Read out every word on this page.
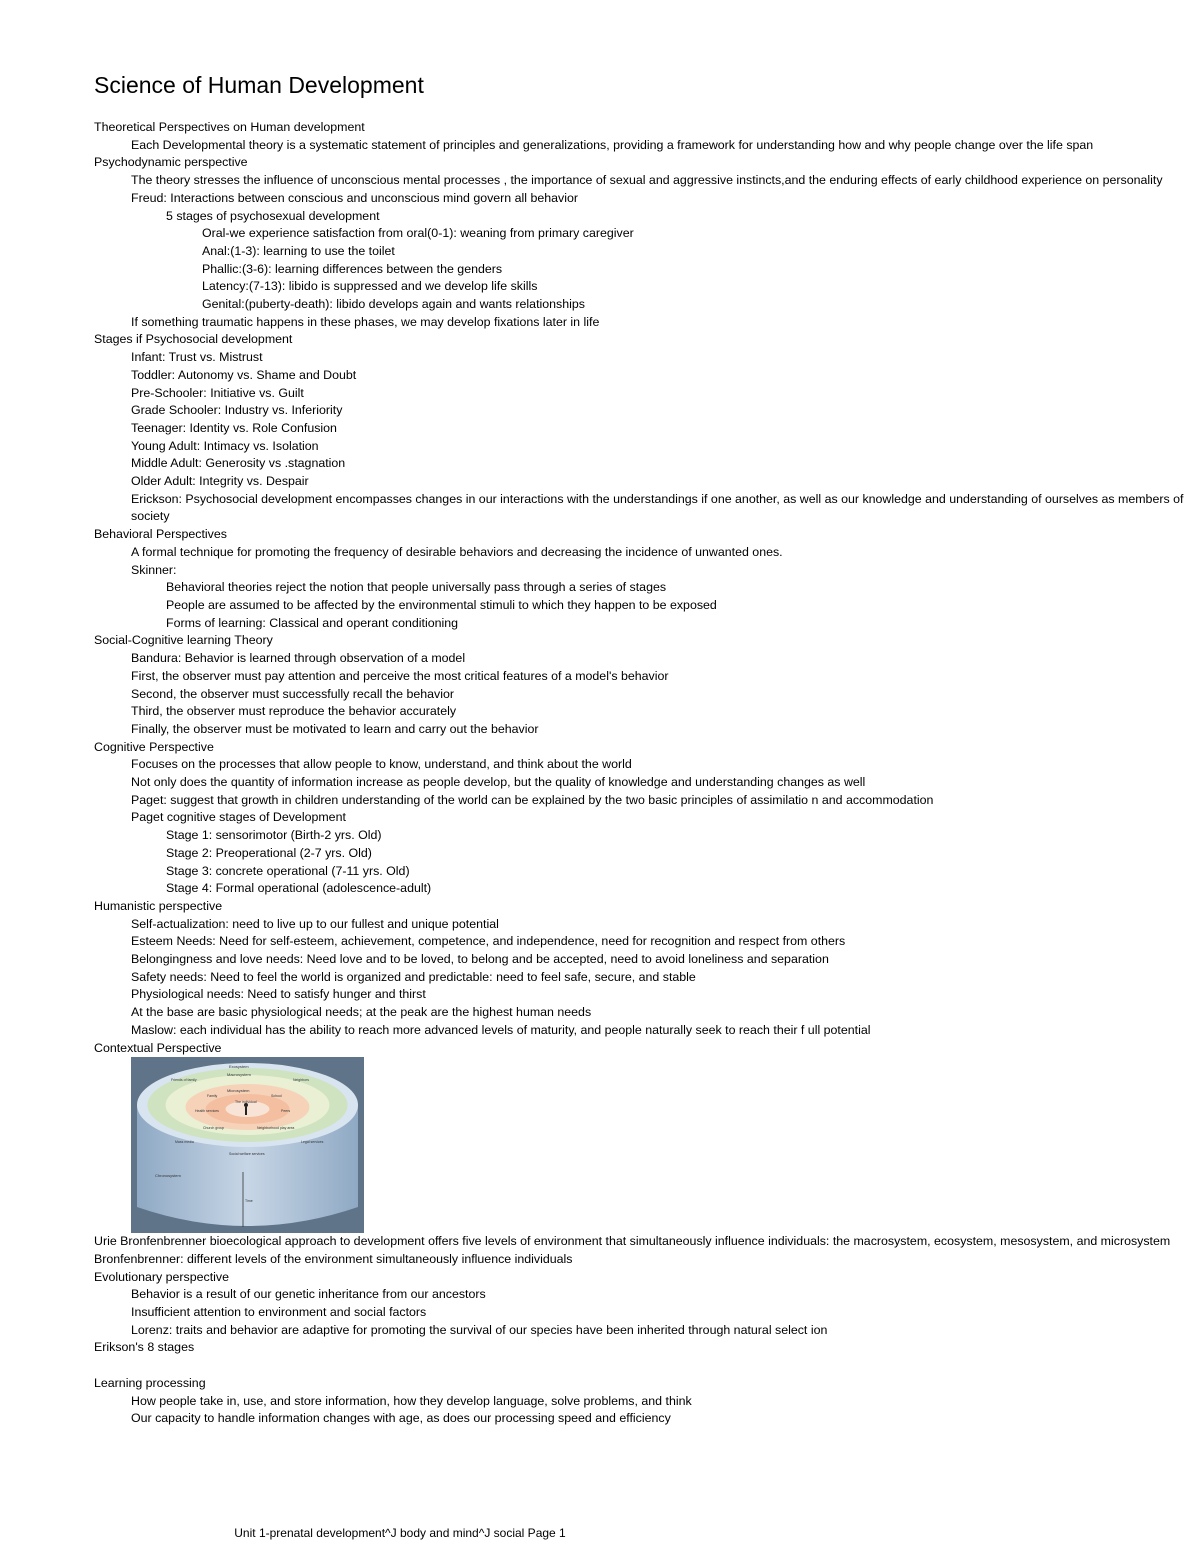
Science of Human Development
Theoretical Perspectives on Human development
Each Developmental theory is a systematic statement of principles and generalizations, providing a framework for understanding how and why people change over the life span
Psychodynamic perspective
The theory stresses the influence of unconscious mental processes , the importance of sexual and aggressive instincts,and the enduring effects of early childhood experience on personality
Freud: Interactions between conscious and unconscious mind govern all behavior
5 stages of psychosexual development
Oral-we experience satisfaction from oral(0-1): weaning from primary caregiver
Anal:(1-3): learning to use the toilet
Phallic:(3-6): learning differences between the genders
Latency:(7-13): libido is suppressed and we develop life skills
Genital:(puberty-death): libido develops again and wants relationships
If something traumatic happens in these phases, we may develop fixations later in life
Stages if Psychosocial development
Infant: Trust vs. Mistrust
Toddler: Autonomy vs. Shame and Doubt
Pre-Schooler: Initiative vs. Guilt
Grade Schooler: Industry vs. Inferiority
Teenager: Identity vs. Role Confusion
Young Adult: Intimacy vs. Isolation
Middle Adult: Generosity vs .stagnation
Older Adult: Integrity vs. Despair
Erickson: Psychosocial development encompasses changes in our interactions with the understandings if one another, as well as our knowledge and understanding of ourselves as members of society
Behavioral Perspectives
A formal technique for promoting the frequency of desirable behaviors and decreasing the incidence of unwanted ones.
Skinner:
Behavioral theories reject the notion that people universally pass through a series of stages
People are assumed to be affected by the environmental stimuli to which they happen to be exposed
Forms of learning: Classical and operant conditioning
Social-Cognitive learning Theory
Bandura: Behavior is learned through observation of a model
First, the observer must pay attention and perceive the most critical features of a model's behavior
Second, the observer must successfully recall the behavior
Third, the observer must reproduce the behavior accurately
Finally, the observer must be motivated to learn and carry out the behavior
Cognitive Perspective
Focuses on the processes that allow people to know, understand, and think about the world
Not only does the quantity of information increase as people develop, but the quality of knowledge and understanding changes as well
Paget: suggest that growth in children understanding of the world can be explained by the two basic principles of assimilatio n and accommodation
Paget cognitive stages of Development
Stage 1: sensorimotor (Birth-2 yrs. Old)
Stage 2: Preoperational (2-7 yrs. Old)
Stage 3: concrete operational (7-11 yrs. Old)
Stage 4: Formal operational (adolescence-adult)
Humanistic perspective
Self-actualization: need to live up to our fullest and unique potential
Esteem Needs: Need for self-esteem, achievement, competence, and independence, need for recognition and respect from others
Belongingness and love needs: Need love and to be loved, to belong and be accepted, need to avoid loneliness and separation
Safety needs: Need to feel the world is organized and predictable: need to feel safe, secure, and stable
Physiological needs: Need to satisfy hunger and thirst
At the base are basic physiological needs; at the peak are the highest human needs
Maslow: each individual has the ability to reach more advanced levels of maturity, and people naturally seek to reach their f ull potential
Contextual Perspective
Exosystem
Macrosystem
Microsystem
Friends of family	Neighbors
Family	School
The individual
Health services	Peers
Church group	Neighborhood play area
Mass media	Legal services
Social welfare services
Chronosystem
Time
Urie Bronfenbrenner bioecological approach to development offers five levels of environment that simultaneously influence individuals: the macrosystem, ecosystem, mesosystem, and microsystem
Bronfenbrenner: different levels of the environment simultaneously influence individuals
Evolutionary perspective
Behavior is a result of our genetic inheritance from our ancestors
Insufficient attention to environment and social factors
Lorenz: traits and behavior are adaptive for promoting the survival of our species have been inherited through natural select ion
Erikson's 8 stages
Learning processing
How people take in, use, and store information, how they develop language, solve problems, and think
Our capacity to handle information changes with age, as does our processing speed and efficiency
Unit 1-prenatal development^J body and mind^J social Page 1
